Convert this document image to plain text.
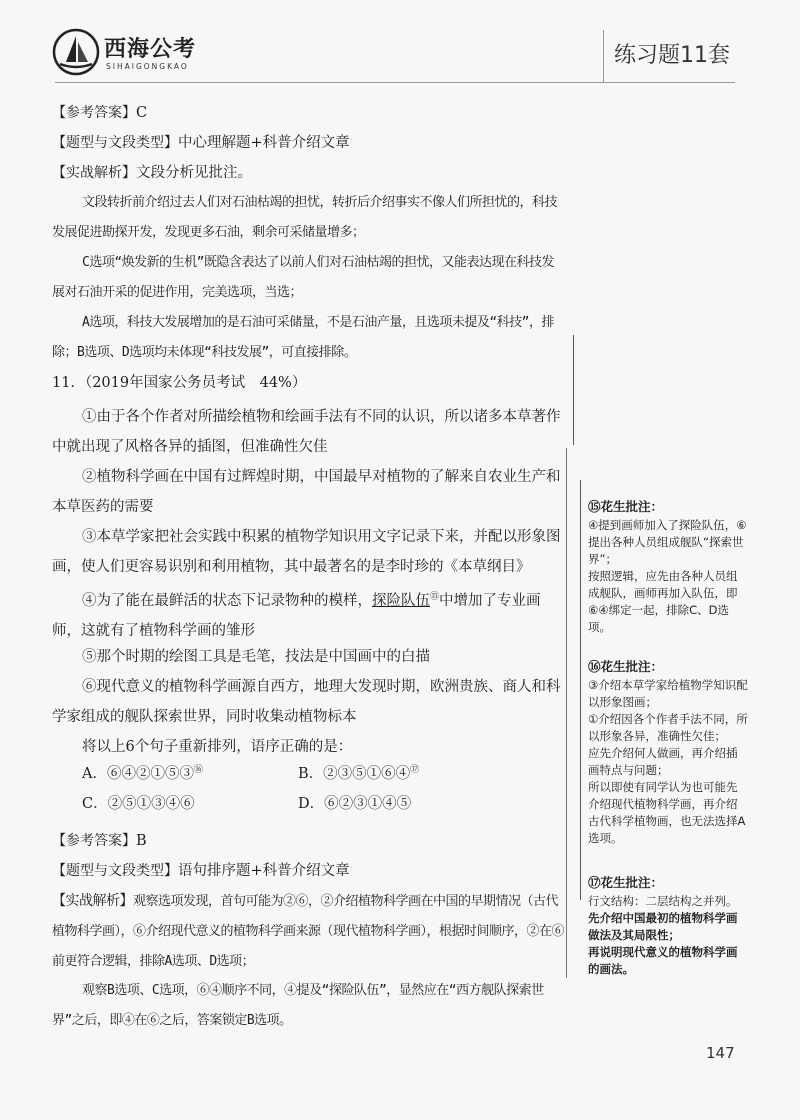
西海公考
SIHAIGONGKAO	练习题11套
【参考答案】C
【题型与文段类型】中心理解题+科普介绍文章
【实战解析】文段分析见批注。

文段转折前介绍过去人们对石油枯竭的担忧，转折后介绍事实不像人们所担忧的，科技发展促进勘探开发，发现更多石油，剩余可采储量增多；

C选项“焕发新的生机”既隐含表达了以前人们对石油枯竭的担忧，又能表达现在科技发展对石油开采的促进作用，完美选项，当选；

A选项，科技大发展增加的是石油可采储量，不是石油产量，且选项未提及“科技”，排除；B选项、D选项均未体现“科技发展”，可直接排除。

11．（2019年国家公务员考试　44%）

①由于各个作者对所描绘植物和绘画手法有不同的认识，所以诸多本草著作中就出现了风格各异的插图，但准确性欠佳

②植物科学画在中国有过辉煌时期，中国最早对植物的了解来自农业生产和本草医药的需要

③本草学家把社会实践中积累的植物学知识用文字记录下来，并配以形象图画，使人们更容易识别和利用植物，其中最著名的是李时珍的《本草纲目》

④为了能在最鲜活的状态下记录物种的模样，探险队伍⑮中增加了专业画师，这就有了植物科学画的雏形

⑤那个时期的绘图工具是毛笔，技法是中国画中的白描

⑥现代意义的植物科学画源自西方，地理大发现时期，欧洲贵族、商人和科学家组成的舰队探索世界，同时收集动植物标本

将以上6个句子重新排列，语序正确的是：

A．⑥④②①⑤③⑯	B．②③⑤①⑥④⑰
C．②⑤①③④⑥	D．⑥②③①④⑤
【参考答案】B
【题型与文段类型】语句排序题+科普介绍文章

【实战解析】观察选项发现，首句可能为②⑥，②介绍植物科学画在中国的早期情况（古代植物科学画），⑥介绍现代意义的植物科学画来源（现代植物科学画），根据时间顺序，②在⑥前更符合逻辑，排除A选项、D选项；

观察B选项、C选项，⑥④顺序不同，④提及“探险队伍”，显然应在“西方舰队探索世界”之后，即④在⑥之后，答案锁定B选项。

⑮花生批注：
④提到画师加入了探险队伍，⑥提出各种人员组成舰队“探索世界”；
按照逻辑，应先由各种人员组成舰队，画师再加入队伍，即⑥④绑定一起，排除C、D选项。
⑯花生批注：
③介绍本草学家给植物学知识配以形象图画；
①介绍因各个作者手法不同，所以形象各异，准确性欠佳；
应先介绍何人做画，再介绍插画特点与问题；
所以即使有同学认为也可能先介绍现代植物科学画，再介绍古代科学植物画，也无法选择A选项。
⑰花生批注：
行文结构：二层结构之并列。
先介绍中国最初的植物科学画做法及其局限性；
再说明现代意义的植物科学画的画法。
147
